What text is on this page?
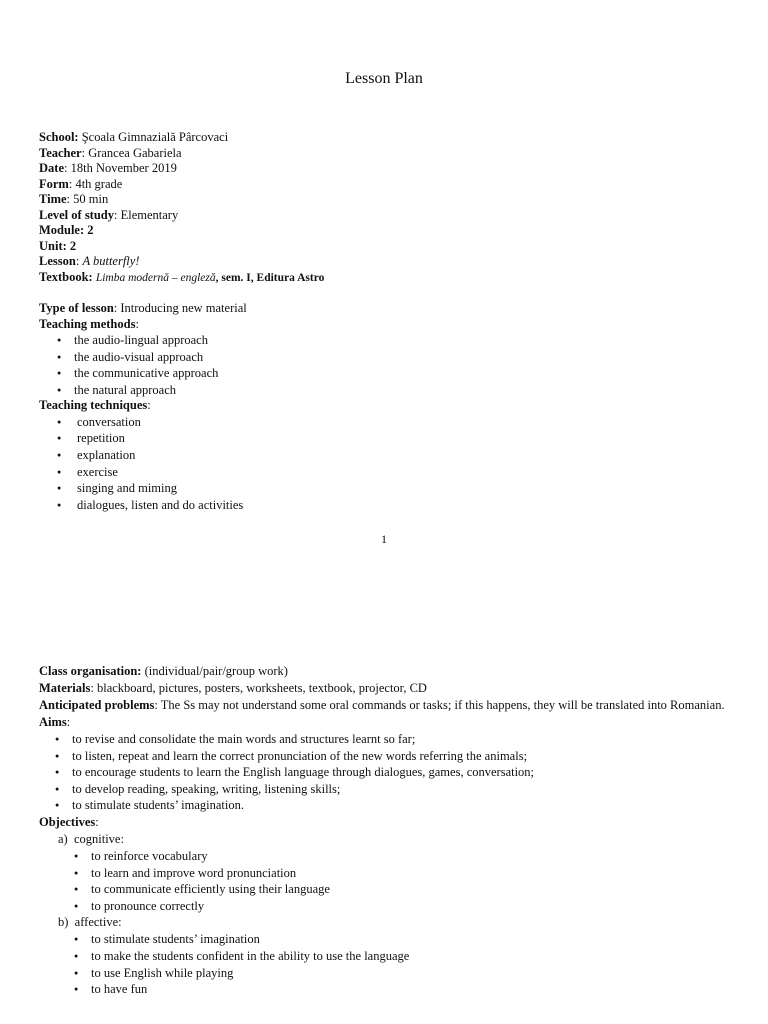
Lesson Plan
School: Şcoala Gimnazială Pârcovaci
Teacher: Grancea Gabariela
Date: 18th November 2019
Form: 4th grade
Time: 50 min
Level of study: Elementary
Module: 2
Unit: 2
Lesson: A butterfly!
Textbook: Limba modernă – engleză, sem. I, Editura Astro
Type of lesson: Introducing new material
Teaching methods:
● the audio-lingual approach
● the audio-visual approach
● the communicative approach
● the natural approach
Teaching techniques:
● conversation
● repetition
● explanation
● exercise
● singing and miming
● dialogues, listen and do activities
1
Class organisation: (individual/pair/group work)
Materials: blackboard, pictures, posters, worksheets, textbook, projector, CD
Anticipated problems: The Ss may not understand some oral commands or tasks; if this happens, they will be translated into Romanian.
Aims:
● to revise and consolidate the main words and structures learnt so far;
● to listen, repeat and learn the correct pronunciation of the new words referring the animals;
● to encourage students to learn the English language through dialogues, games, conversation;
● to develop reading, speaking, writing, listening skills;
● to stimulate students’ imagination.
Objectives:
a) cognitive:
● to reinforce vocabulary
● to learn and improve word pronunciation
● to communicate efficiently using their language
● to pronounce correctly
b) affective:
● to stimulate students’ imagination
● to make the students confident in the ability to use the language
● to use English while playing
● to have fun
